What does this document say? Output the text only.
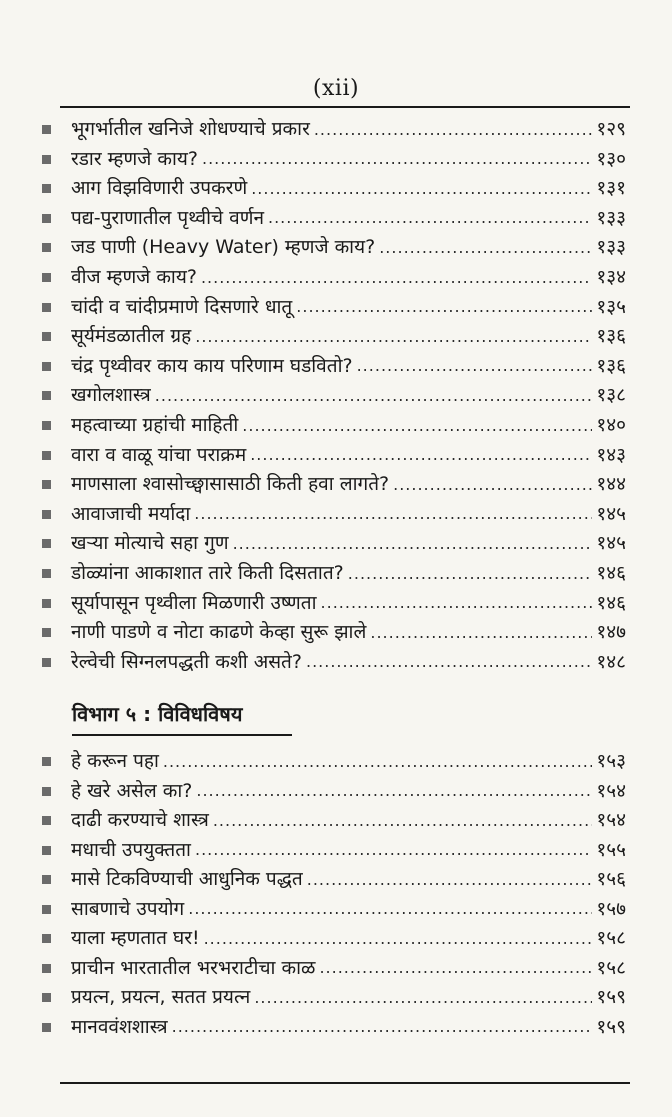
(xii)
भूगर्भातील खनिजे शोधण्याचे प्रकार .....	१२९
रडार म्हणजे काय? .....	१३०
आग विझविणारी उपकरणे .....	१३१
पद्य-पुराणातील पृथ्वीचे वर्णन .....	१३३
जड पाणी (Heavy Water) म्हणजे काय? .....	१३३
वीज म्हणजे काय? .....	१३४
चांदी व चांदीप्रमाणे दिसणारे धातू .....	१३५
सूर्यमंडळातील ग्रह .....	१३६
चंद्र पृथ्वीवर काय काय परिणाम घडवितो? .....	१३६
खगोलशास्त्र .....	१३८
महत्वाच्या ग्रहांची माहिती .....	१४०
वारा व वाळू यांचा पराक्रम .....	१४३
माणसाला श्वासोच्छ्वासासाठी किती हवा लागते? .....	१४४
आवाजाची मर्यादा .....	१४५
खऱ्या मोत्याचे सहा गुण .....	१४५
डोळ्यांना आकाशात तारे किती दिसतात? .....	१४६
सूर्यापासून पृथ्वीला मिळणारी उष्णता .....	१४६
नाणी पाडणे व नोटा काढणे केव्हा सुरू झाले .....	१४७
रेल्वेची सिग्नलपद्धती कशी असते? .....	१४८
विभाग ५ : विविधविषय
हे करून पहा .....	१५३
हे खरे असेल का? .....	१५४
दाढी करण्याचे शास्त्र .....	१५४
मधाची उपयुक्तता .....	१५५
मासे टिकविण्याची आधुनिक पद्धत .....	१५६
साबणाचे उपयोग .....	१५७
याला म्हणतात घर! .....	१५८
प्राचीन भारतातील भरभराटीचा काळ .....	१५८
प्रयत्न, प्रयत्न, सतत प्रयत्न .....	१५९
मानववंशशास्त्र .....	१५९
